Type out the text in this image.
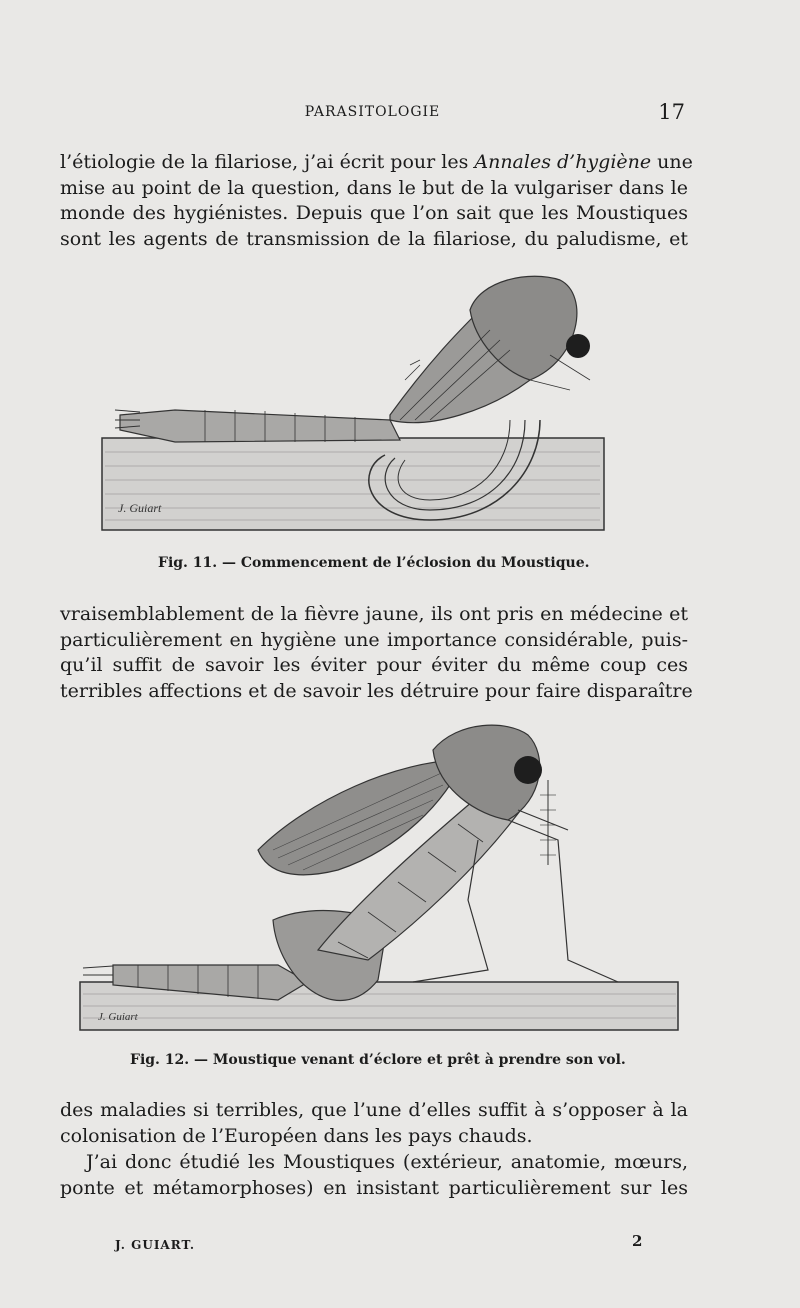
PARASITOLOGIE	17

l’étiologie de la filariose, j’ai écrit pour les Annales d’hygiène une
mise au point de la question, dans le but de la vulgariser dans le
monde des hygiénistes. Depuis que l’on sait que les Moustiques
sont les agents de transmission de la filariose, du paludisme, et

J. Guiart
Fig. 11. — Commencement de l’éclosion du Moustique.

vraisemblablement de la fièvre jaune, ils ont pris en médecine et
particulièrement en hygiène une importance considérable, puis-
qu’il suffit de savoir les éviter pour éviter du même coup ces
terribles affections et de savoir les détruire pour faire disparaître

J. Guiart
Fig. 12. — Moustique venant d’éclore et prêt à prendre son vol.

des maladies si terribles, que l’une d’elles suffit à s’opposer à la
colonisation de l’Européen dans les pays chauds.

J’ai donc étudié les Moustiques (extérieur, anatomie, mœurs,
ponte et métamorphoses) en insistant particulièrement sur les

J. GUIART.	2
